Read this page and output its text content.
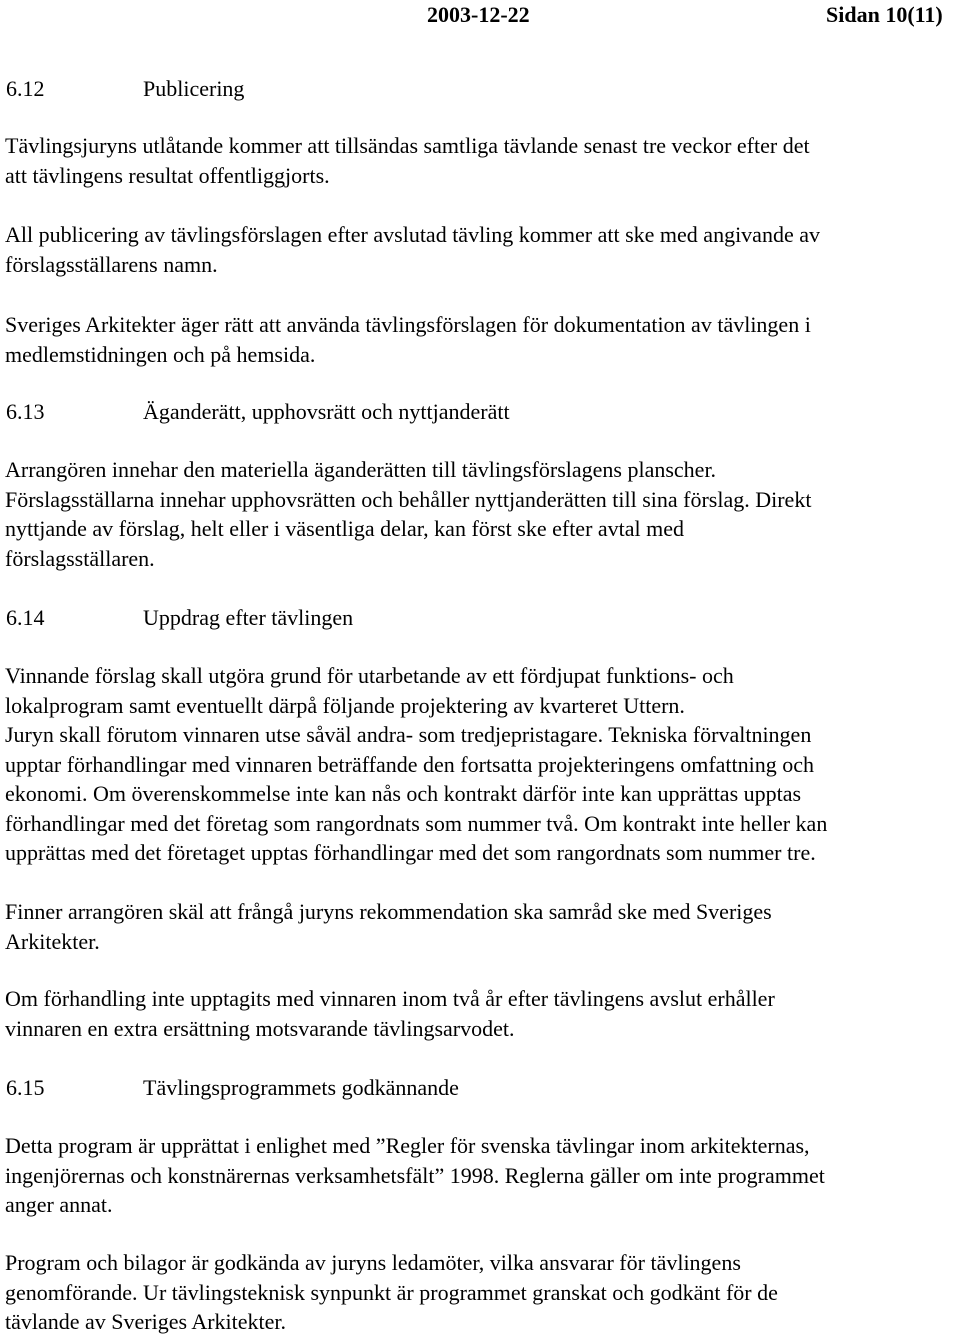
2003-12-22	Sidan 10(11)
6.12	Publicering

Tävlingsjuryns utlåtande kommer att tillsändas samtliga tävlande senast tre veckor efter det
att tävlingens resultat offentliggjorts.

All publicering av tävlingsförslagen efter avslutad tävling kommer att ske med angivande av
förslagsställarens namn.

Sveriges Arkitekter äger rätt att använda tävlingsförslagen för dokumentation av tävlingen i
medlemstidningen och på hemsida.

6.13	Äganderätt, upphovsrätt och nyttjanderätt

Arrangören innehar den materiella äganderätten till tävlingsförslagens planscher.
Förslagsställarna innehar upphovsrätten och behåller nyttjanderätten till sina förslag. Direkt
nyttjande av förslag, helt eller i väsentliga delar, kan först ske efter avtal med
förslagsställaren.

6.14	Uppdrag efter tävlingen

Vinnande förslag skall utgöra grund för utarbetande av ett fördjupat funktions- och
lokalprogram samt eventuellt därpå följande projektering av kvarteret Uttern.
Juryn skall förutom vinnaren utse såväl andra- som tredjepristagare. Tekniska förvaltningen
upptar förhandlingar med vinnaren beträffande den fortsatta projekteringens omfattning och
ekonomi. Om överenskommelse inte kan nås och kontrakt därför inte kan upprättas upptas
förhandlingar med det företag som rangordnats som nummer två. Om kontrakt inte heller kan
upprättas med det företaget upptas förhandlingar med det som rangordnats som nummer tre.

Finner arrangören skäl att frångå juryns rekommendation ska samråd ske med Sveriges
Arkitekter.

Om förhandling inte upptagits med vinnaren inom två år efter tävlingens avslut erhåller
vinnaren en extra ersättning motsvarande tävlingsarvodet.

6.15	Tävlingsprogrammets godkännande

Detta program är upprättat i enlighet med ”Regler för svenska tävlingar inom arkitekternas,
ingenjörernas och konstnärernas verksamhetsfält” 1998. Reglerna gäller om inte programmet
anger annat.

Program och bilagor är godkända av juryns ledamöter, vilka ansvarar för tävlingens
genomförande. Ur tävlingsteknisk synpunkt är programmet granskat och godkänt för de
tävlande av Sveriges Arkitekter.
